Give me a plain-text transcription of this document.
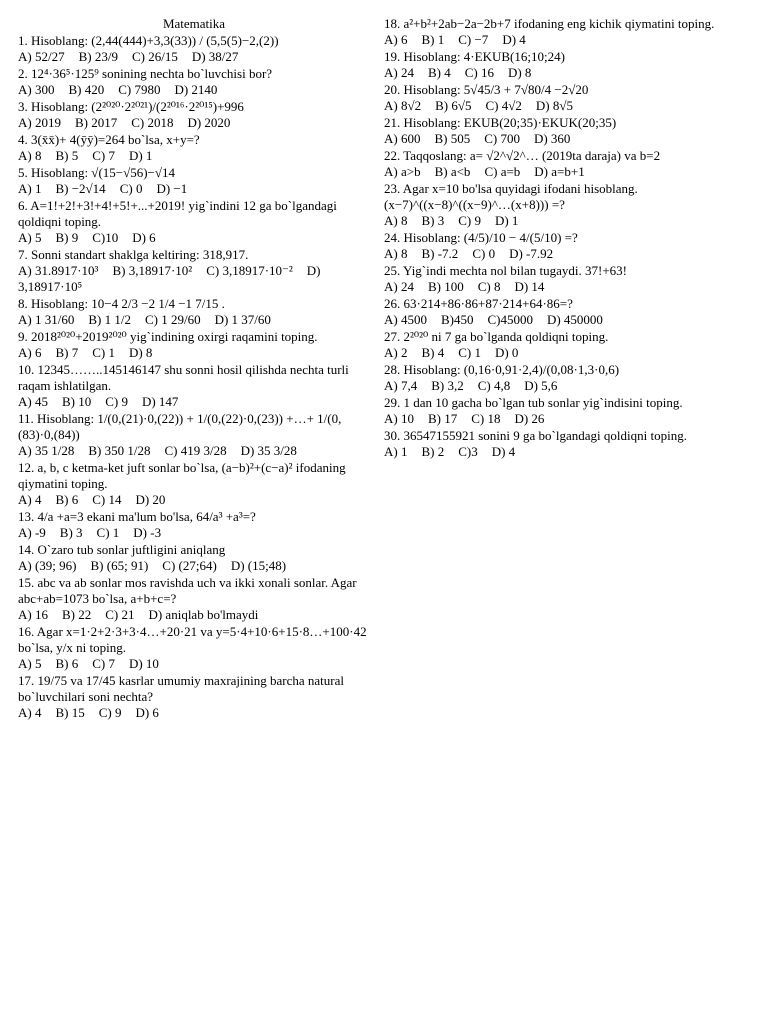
Matematika
1. Hisoblang: (2,44(444)+3,3(33)) / (5,5(5)−2,(2))
A) 52/27 B) 23/9 C) 26/15 D) 38/27
2. 12⁴·36⁵·125⁹ sonining nechta bo`luvchisi bor?
A) 300 B) 420 C) 7980 D) 2140
3. Hisoblang: (2²⁰²⁰·2²⁰²¹)/(2²⁰¹⁶·2²⁰¹⁵)+996
A) 2019 B) 2017 C) 2018 D) 2020
4. 3(x̄x̄)+ 4(ȳȳ)=264 bo`lsa, x+y=?
A) 8 B) 5 C) 7 D) 1
5. Hisoblang: √(15−√56)−√14
A) 1 B) −2√14 C) 0 D) −1
6. A=1!+2!+3!+4!+5!+...+2019! yig`indini 12 ga bo`lgandagi qoldiqni toping.
A) 5 B) 9 C)10 D) 6
7. Sonni standart shaklga keltiring: 318,917.
A) 31.8917·10³ B) 3,18917·10² C) 3,18917·10⁻² D) 3,18917·10⁵
8. Hisoblang: 10−4 2/3 −2 1/4 −1 7/15 .
A) 1 31/60 B) 1 1/2 C) 1 29/60 D) 1 37/60
9. 2018²⁰²⁰+2019²⁰²⁰ yig`indining oxirgi raqamini toping.
A) 6 B) 7 C) 1 D) 8
10. 12345……..145146147 shu sonni hosil qilishda nechta turli raqam ishlatilgan.
A) 45 B) 10 C) 9 D) 147
11. Hisoblang: 1/(0,(21)·0,(22)) + 1/(0,(22)·0,(23)) +…+ 1/(0,(83)·0,(84))
A) 35 1/28 B) 350 1/28 C) 419 3/28 D) 35 3/28
12. a, b, c ketma-ket juft sonlar bo`lsa, (a−b)²+(c−a)² ifodaning qiymatini toping.
A) 4 B) 6 C) 14 D) 20
13. 4/a +a=3 ekani ma'lum bo'lsa, 64/a³ +a³=?
A) -9 B) 3 C) 1 D) -3
14. O`zaro tub sonlar juftligini aniqlang
A) (39; 96) B) (65; 91) C) (27;64) D) (15;48)
15. abc va ab sonlar mos ravishda uch va ikki xonali sonlar. Agar abc+ab=1073 bo`lsa, a+b+c=?
A) 16 B) 22 C) 21 D) aniqlab bo'lmaydi
16. Agar x=1·2+2·3+3·4…+20·21 va y=5·4+10·6+15·8…+100·42 bo`lsa, y/x ni toping.
A) 5 B) 6 C) 7 D) 10
17. 19/75 va 17/45 kasrlar umumiy maxrajining barcha natural bo`luvchilari soni nechta?
A) 4 B) 15 C) 9 D) 6
18. a²+b²+2ab−2a−2b+7 ifodaning eng kichik qiymatini toping.
A) 6 B) 1 C) −7 D) 4
19. Hisoblang: 4·EKUB(16;10;24)
A) 24 B) 4 C) 16 D) 8
20. Hisoblang: 5√45/3 + 7√80/4 −2√20
A) 8√2 B) 6√5 C) 4√2 D) 8√5
21. Hisoblang: EKUB(20;35)·EKUK(20;35)
A) 600 B) 505 C) 700 D) 360
22. Taqqoslang: a= √2^√2^… (2019ta daraja) va b=2
A) a>b B) a<b C) a=b D) a=b+1
23. Agar x=10 bo'lsa quyidagi ifodani hisoblang. (x−7)^((x−8)^((x−9)^…(x+8))) =?
A) 8 B) 3 C) 9 D) 1
24. Hisoblang: (4/5)/10 − 4/(5/10) =?
A) 8 B) -7.2 C) 0 D) -7.92
25. Yig`indi mechta nol bilan tugaydi. 37!+63!
A) 24 B) 100 C) 8 D) 14
26. 63·214+86·86+87·214+64·86=?
A) 4500 B)450 C)45000 D) 450000
27. 2²⁰²⁰ ni 7 ga bo`lganda qoldiqni toping.
A) 2 B) 4 C) 1 D) 0
28. Hisoblang: (0,16·0,91·2,4)/(0,08·1,3·0,6)
A) 7,4 B) 3,2 C) 4,8 D) 5,6
29. 1 dan 10 gacha bo`lgan tub sonlar yig`indisini toping.
A) 10 B) 17 C) 18 D) 26
30. 36547155921 sonini 9 ga bo`lgandagi qoldiqni toping.
A) 1 B) 2 C)3 D) 4
